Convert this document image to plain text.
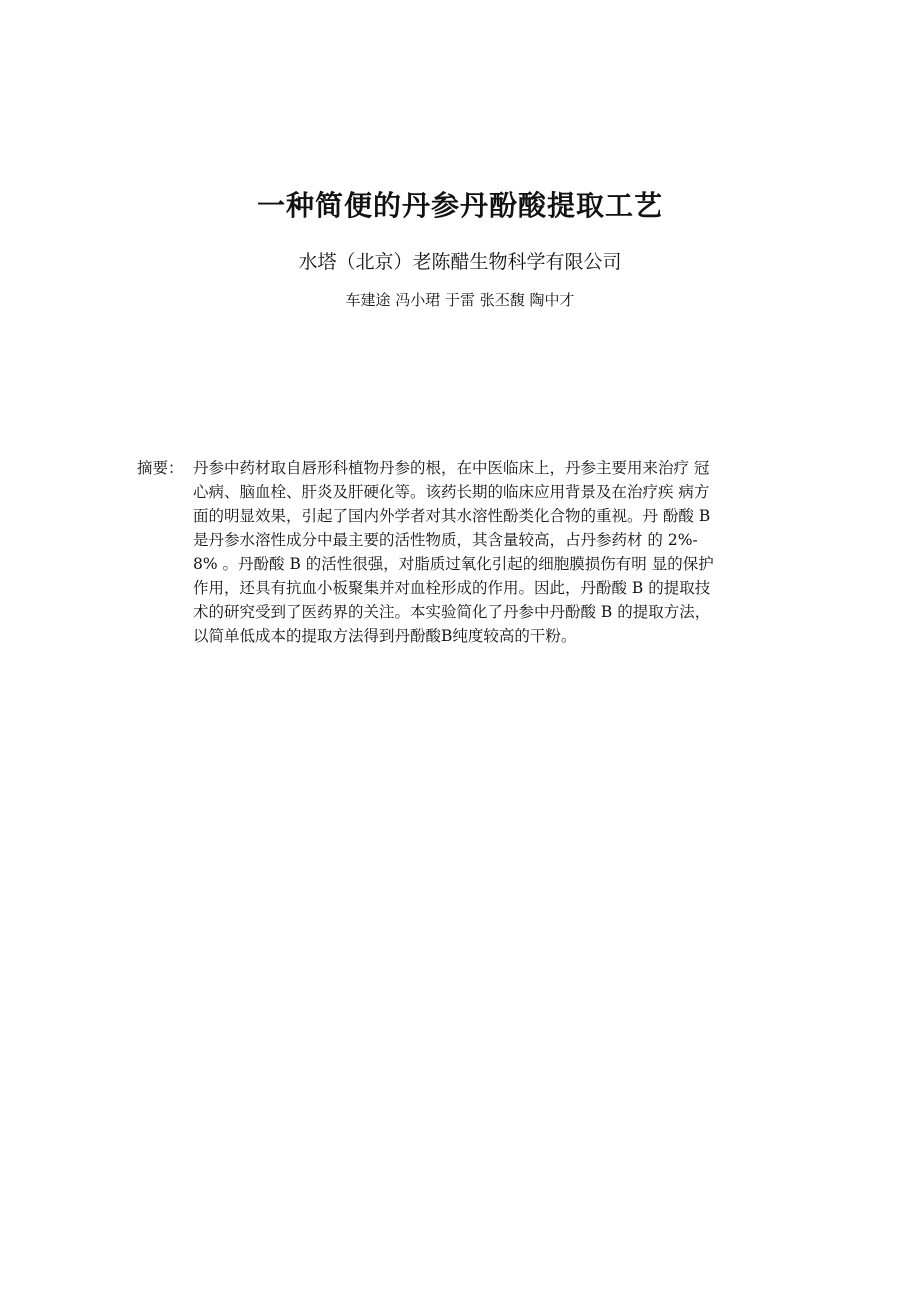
一种简便的丹参丹酚酸提取工艺

水塔（北京）老陈醋生物科学有限公司

车建途 冯小珺 于雷 张丕馥 陶中才

摘要： 丹参中药材取自唇形科植物丹参的根，在中医临床上，丹参主要用来治疗 冠
心病、脑血栓、肝炎及肝硬化等。该药长期的临床应用背景及在治疗疾 病方
面的明显效果，引起了国内外学者对其水溶性酚类化合物的重视。丹 酚酸 B
是丹参水溶性成分中最主要的活性物质，其含量较高，占丹参药材 的 2%-
8% 。丹酚酸 B 的活性很强，对脂质过氧化引起的细胞膜损伤有明 显的保护
作用，还具有抗血小板聚集并对血栓形成的作用。因此，丹酚酸 B 的提取技
术的研究受到了医药界的关注。本实验简化了丹参中丹酚酸 B 的提取方法，
以简单低成本的提取方法得到丹酚酸B纯度较高的干粉。
